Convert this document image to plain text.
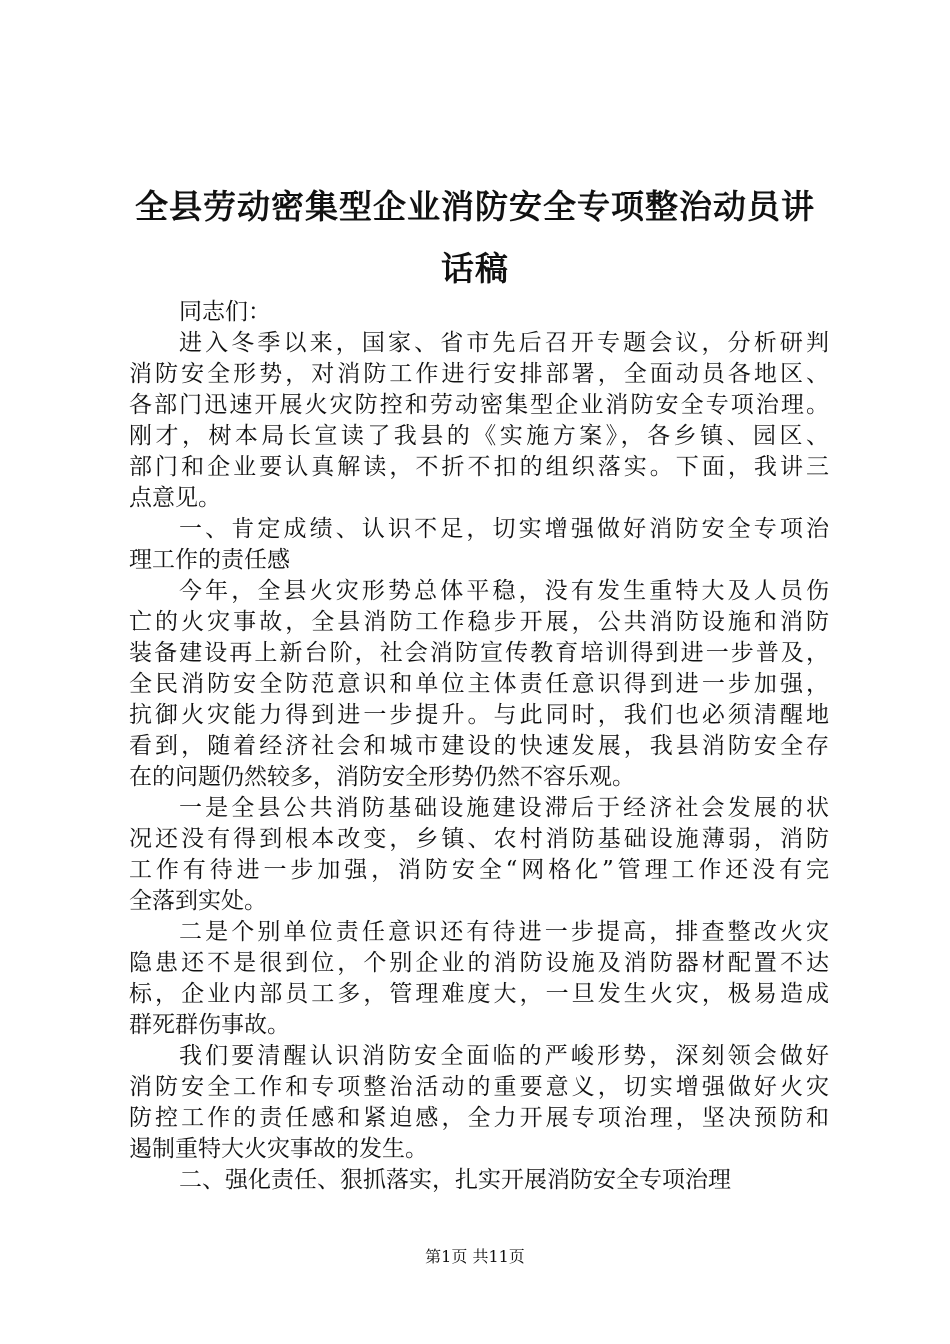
全县劳动密集型企业消防安全专项整治动员讲
话稿
同志们：
进入冬季以来，国家、省市先后召开专题会议，分析研判
消防安全形势，对消防工作进行安排部署，全面动员各地区、
各部门迅速开展火灾防控和劳动密集型企业消防安全专项治理。
刚才，树本局长宣读了我县的《实施方案》，各乡镇、园区、
部门和企业要认真解读，不折不扣的组织落实。下面，我讲三
点意见。
一、肯定成绩、认识不足，切实增强做好消防安全专项治
理工作的责任感
今年，全县火灾形势总体平稳，没有发生重特大及人员伤
亡的火灾事故，全县消防工作稳步开展，公共消防设施和消防
装备建设再上新台阶，社会消防宣传教育培训得到进一步普及，
全民消防安全防范意识和单位主体责任意识得到进一步加强，
抗御火灾能力得到进一步提升。与此同时，我们也必须清醒地
看到，随着经济社会和城市建设的快速发展，我县消防安全存
在的问题仍然较多，消防安全形势仍然不容乐观。
一是全县公共消防基础设施建设滞后于经济社会发展的状
况还没有得到根本改变，乡镇、农村消防基础设施薄弱，消防
工作有待进一步加强，消防安全“网格化”管理工作还没有完
全落到实处。
二是个别单位责任意识还有待进一步提高，排查整改火灾
隐患还不是很到位，个别企业的消防设施及消防器材配置不达
标，企业内部员工多，管理难度大，一旦发生火灾，极易造成
群死群伤事故。
我们要清醒认识消防安全面临的严峻形势，深刻领会做好
消防安全工作和专项整治活动的重要意义，切实增强做好火灾
防控工作的责任感和紧迫感，全力开展专项治理，坚决预防和
遏制重特大火灾事故的发生。
二、强化责任、狠抓落实，扎实开展消防安全专项治理
第1页 共11页
